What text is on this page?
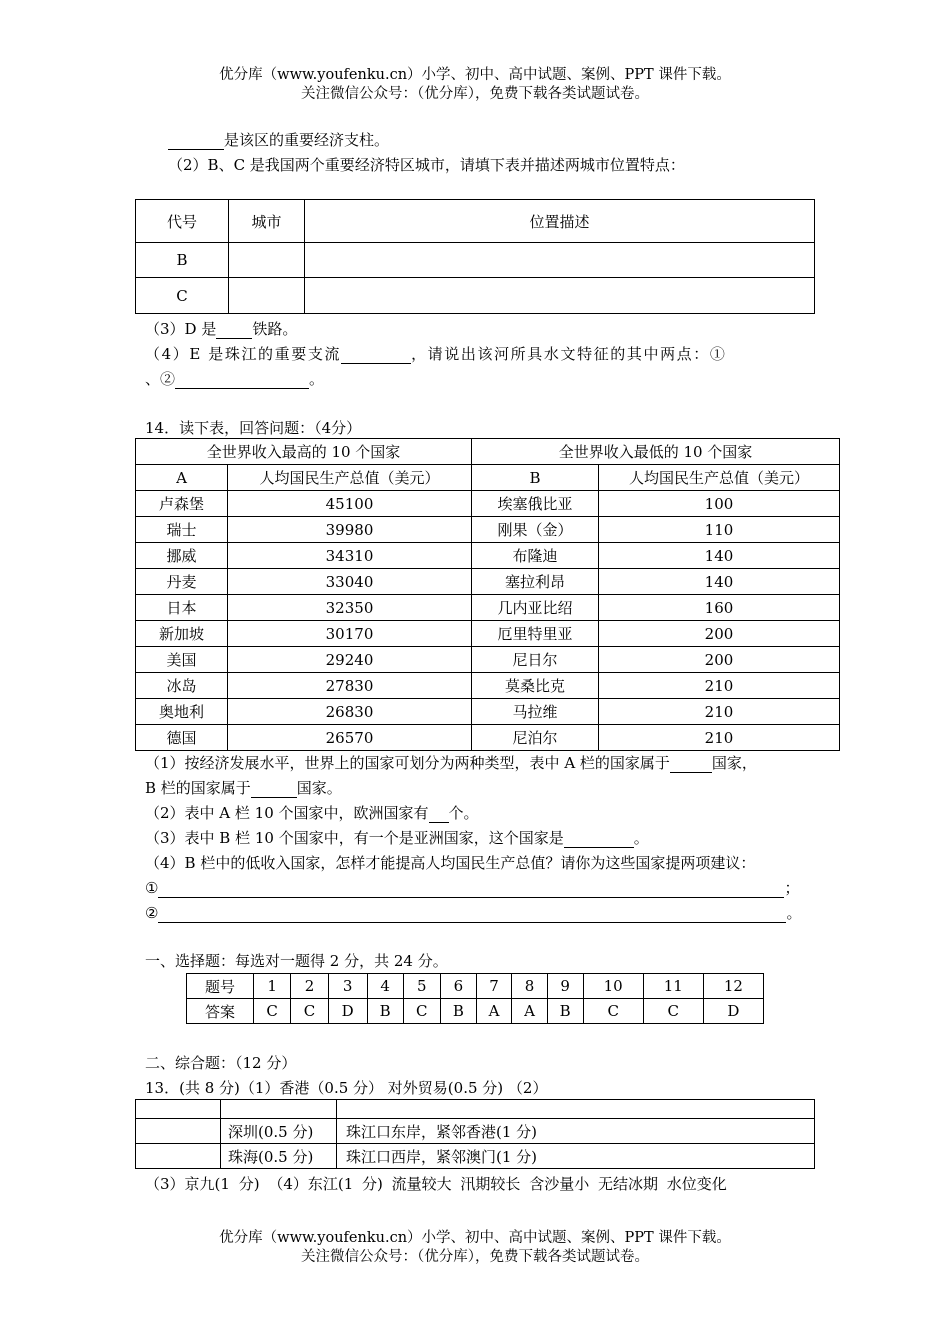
优分库（www.youfenku.cn）小学、初中、高中试题、案例、PPT 课件下载。
关注微信公众号：（优分库），免费下载各类试题试卷。
是该区的重要经济支柱。
（2）B、C 是我国两个重要经济特区城市，请填下表并描述两城市位置特点：
代号	城市	位置描述
B		
C		
（3）D 是 铁路。
（4）E 是珠江的重要支流	，请说出该河所具水文特征的其中两点：①
、②	。
14．读下表，回答问题：（4分）
全世界收入最高的 10 个国家		全世界收入最低的 10 个国家	
A	人均国民生产总值（美元）	B	人均国民生产总值（美元）
卢森堡	45100	埃塞俄比亚	100
瑞士	39980	刚果（金）	110
挪威	34310	布隆迪	140
丹麦	33040	塞拉利昂	140
日本	32350	几内亚比绍	160
新加坡	30170	厄里特里亚	200
美国	29240	尼日尔	200
冰岛	27830	莫桑比克	210
奥地利	26830	马拉维	210
德国	26570	尼泊尔	210
（1）按经济发展水平，世界上的国家可划分为两种类型，表中 A 栏的国家属于	国家，
B 栏的国家属于	国家。
（2）表中 A 栏 10 个国家中，欧洲国家有 个。
（3）表中 B 栏 10 个国家中，有一个是亚洲国家，这个国家是	。
（4）B 栏中的低收入国家，怎样才能提高人均国民生产总值？请你为这些国家提两项建议：
①	；
②	。
一、选择题：每选对一题得 2 分，共 24 分。
题号	1	2	3	4	5	6	7	8	9	10	11	12
答案	C	C	D	B	C	B	A	A	B	C	C	D
二、综合题：（12 分）
13．(共 8 分)（1）香港（0.5 分） 对外贸易(0.5 分) （2）

	深圳(0.5 分)	珠江口东岸，紧邻香港(1 分)
	珠海(0.5 分)	珠江口西岸，紧邻澳门(1 分)
（3）京九(1 分) （4）东江(1 分) 流量较大 汛期较长 含沙量小 无结冰期 水位变化
优分库（www.youfenku.cn）小学、初中、高中试题、案例、PPT 课件下载。
关注微信公众号：（优分库），免费下载各类试题试卷。
